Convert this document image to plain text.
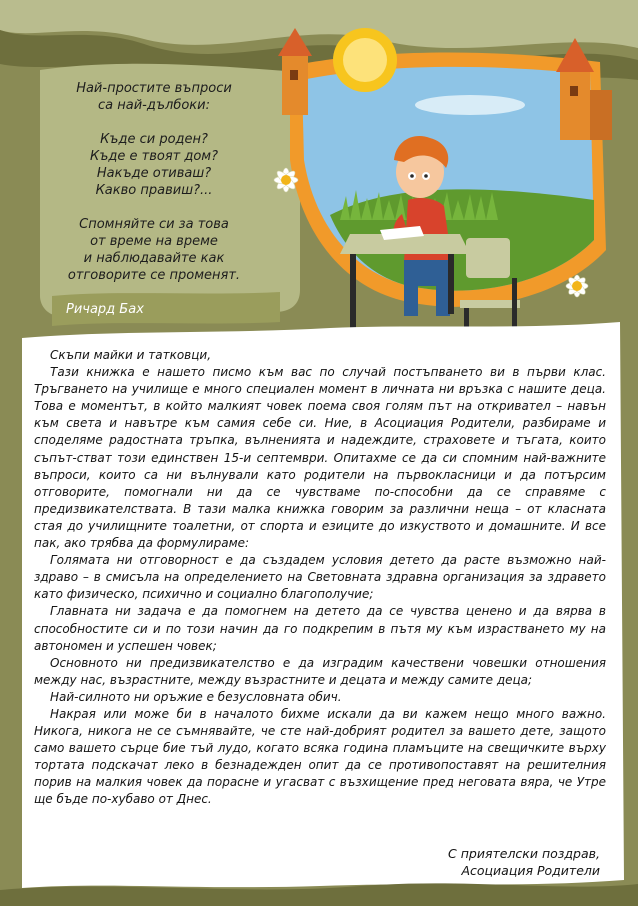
Най-простите въпроси

са най-дълбоки:

Къде си роден?

Къде е твоят дом?

Накъде отиваш?

Какво правиш?...

Спомняйте си за това

от време на време

и наблюдавайте как

отговорите се променят.

Ричард Бах

Скъпи майки и татковци,

Тази книжка е нашето писмо към вас по случай постъпването ви в първи клас. Тръгването на училище е много специален момент в личната ни връзка с нашите деца. Това е моментът, в който малкият човек поема своя голям път на откривател – навън към света и навътре към самия себе си. Ние, в Асоциация Родители, разбираме и споделяме радостната тръпка, вълненията и надеждите, страховете и тъгата, които съпът-стват този единствен 15-и септември. Опитахме се да си спомним най-важните въпроси, които са ни вълнували като родители на първокласници и да потърсим отговорите, помогнали ни да се чувстваме по-способни да се справяме с предизвикателствата. В тази малка книжка говорим за различни неща – от класната стая до училищните тоалетни, от спорта и езиците до изкуството и домашните. И все пак, ако трябва да формулираме:

Голямата ни отговорност е да създадем условия детето да расте възможно най-здраво – в смисъла на определението на Световната здравна организация за здравето като физическо, психично и социално благополучие;

Главната ни задача е да помогнем на детето да се чувства ценено и да вярва в способностите си и по този начин да го подкрепим в пътя му към израстването му на автономен и успешен човек;

Основното ни предизвикателство е да изградим качествени човешки отношения между нас, възрастните, между възрастните и децата и между самите деца;

Най-силното ни оръжие е безусловната обич.

Накрая или може би в началото бихме искали да ви кажем нещо много важно. Никога, никога не се съмнявайте, че сте най-добрият родител за вашето дете, защото само вашето сърце бие тъй лудо, когато всяка година пламъците на свещичките върху тортата подскачат леко в безнадежден опит да се противопоставят на решителния порив на малкия човек да порасне и угасват с възхищение пред неговата вяра, че Утре ще бъде по-хубаво от Днес.

С приятелски поздрав,
Асоциация Родители
